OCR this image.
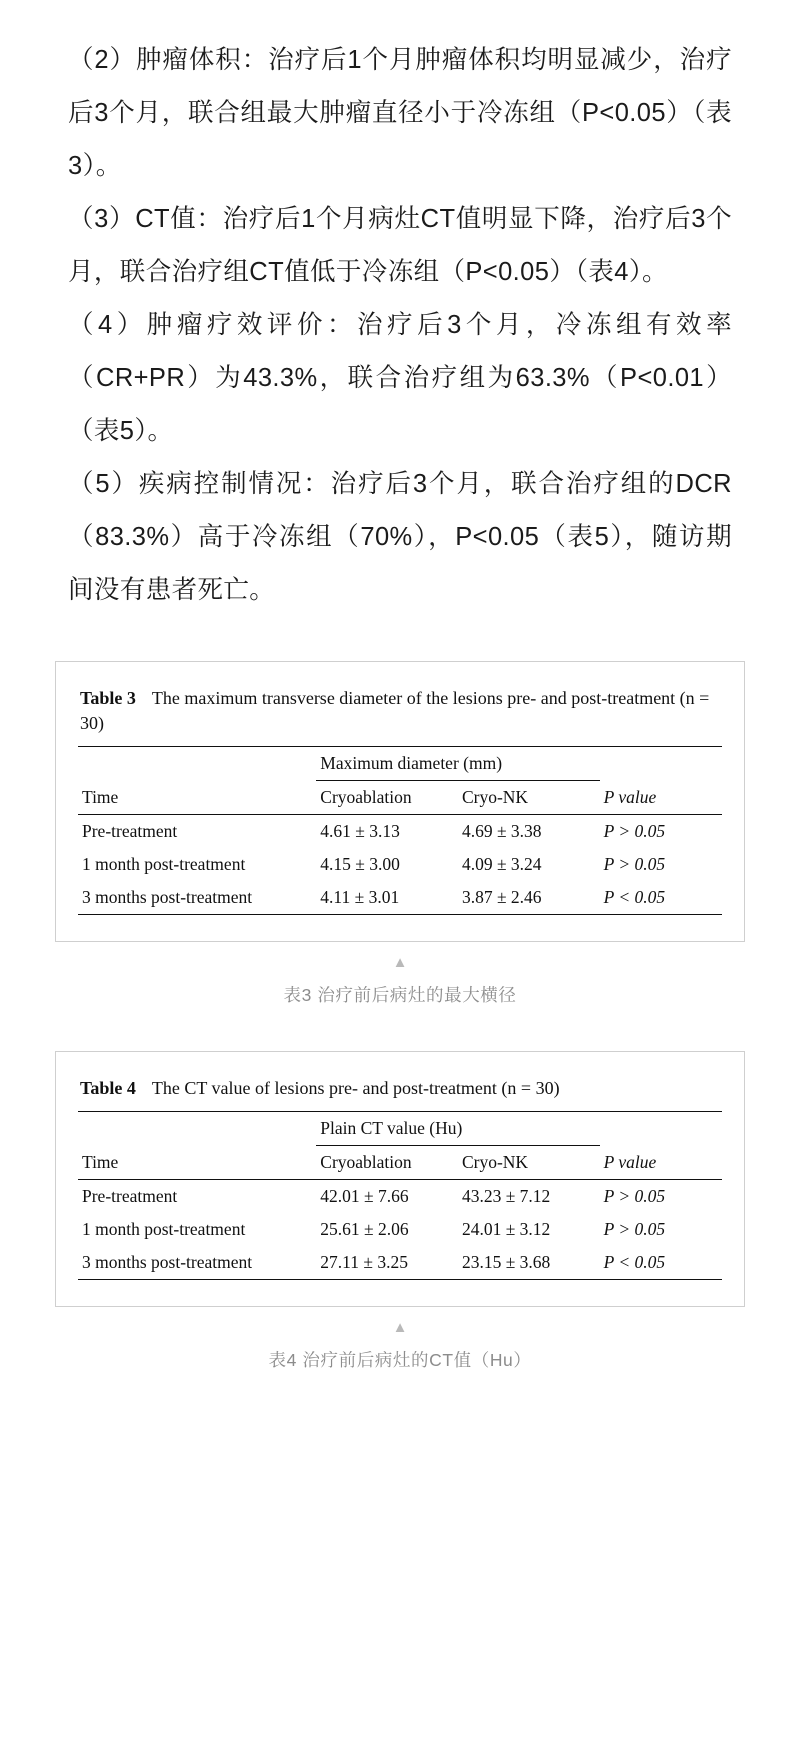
（2）肿瘤体积：治疗后1个月肿瘤体积均明显减少，治疗后3个月，联合组最大肿瘤直径小于冷冻组（P<0.05）（表3）。

（3）CT值：治疗后1个月病灶CT值明显下降，治疗后3个月，联合治疗组CT值低于冷冻组（P<0.05）（表4）。

（4）肿瘤疗效评价：治疗后3个月，冷冻组有效率（CR+PR）为43.3%，联合治疗组为63.3%（P<0.01）（表5）。

（5）疾病控制情况：治疗后3个月，联合治疗组的DCR（83.3%）高于冷冻组（70%），P<0.05（表5），随访期间没有患者死亡。

Table 3 The maximum transverse diameter of the lesions pre- and post-treatment (n = 30)
Time	Maximum diameter (mm)		P value
	Cryoablation	Cryo-NK	
Pre-treatment	4.61 ± 3.13	4.69 ± 3.38	P > 0.05
1 month post-treatment	4.15 ± 3.00	4.09 ± 3.24	P > 0.05
3 months post-treatment	4.11 ± 3.01	3.87 ± 2.46	P < 0.05

▲
表3 治疗前后病灶的最大横径
Table 4 The CT value of lesions pre- and post-treatment (n = 30)
Time	Plain CT value (Hu)		P value
	Cryoablation	Cryo-NK	
Pre-treatment	42.01 ± 7.66	43.23 ± 7.12	P > 0.05
1 month post-treatment	25.61 ± 2.06	24.01 ± 3.12	P > 0.05
3 months post-treatment	27.11 ± 3.25	23.15 ± 3.68	P < 0.05

▲
表4 治疗前后病灶的CT值（Hu）
